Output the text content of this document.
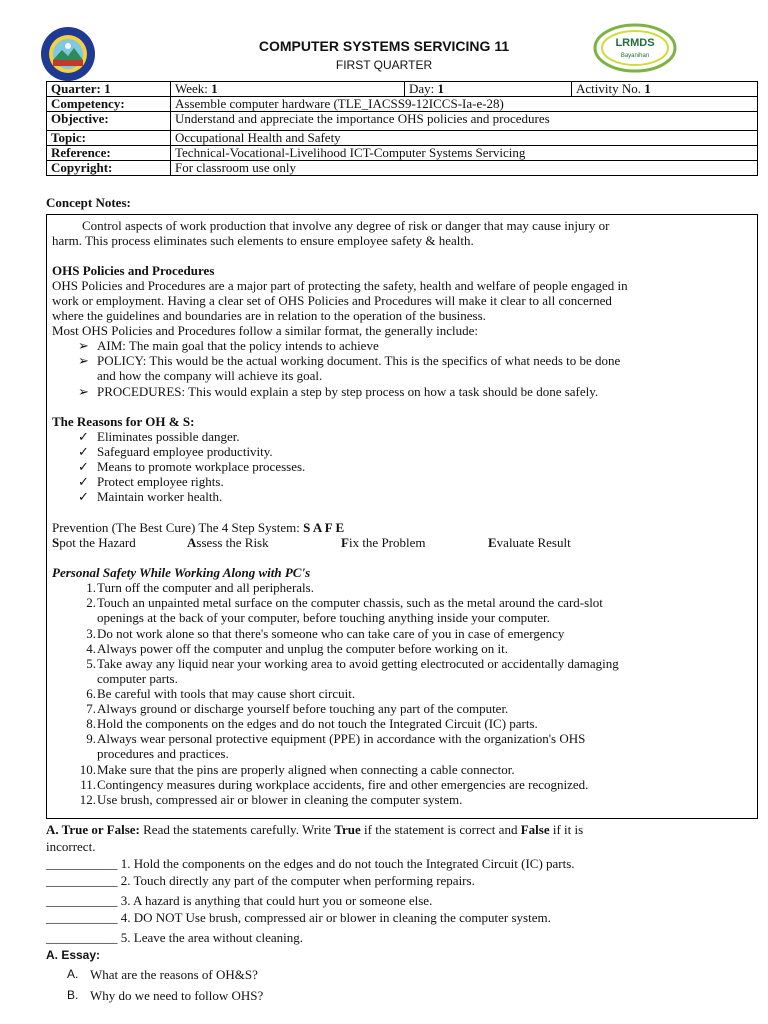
COMPUTER SYSTEMS SERVICING 11
FIRST QUARTER
LRMDS
Bayanihan
Quarter: 1	Week: 1	Day: 1	Activity No. 1
Competency:	Assemble computer hardware (TLE_IACSS9-12ICCS-Ia-e-28)		
Objective:	Understand and appreciate the importance OHS policies and procedures		
Topic:	Occupational Health and Safety		
Reference:	Technical-Vocational-Livelihood ICT-Computer Systems Servicing		
Copyright:	For classroom use only		
Concept Notes:
Control aspects of work production that involve any degree of risk or danger that may cause injury or
harm. This process eliminates such elements to ensure employee safety & health.
OHS Policies and Procedures
OHS Policies and Procedures are a major part of protecting the safety, health and welfare of people engaged in
work or employment. Having a clear set of OHS Policies and Procedures will make it clear to all concerned
where the guidelines and boundaries are in relation to the operation of the business.
Most OHS Policies and Procedures follow a similar format, the generally include:
➢ AIM: The main goal that the policy intends to achieve
➢ POLICY: This would be the actual working document. This is the specifics of what needs to be done
and how the company will achieve its goal.
➢ PROCEDURES: This would explain a step by step process on how a task should be done safely.
The Reasons for OH & S:
✓ Eliminates possible danger.
✓ Safeguard employee productivity.
✓ Means to promote workplace processes.
✓ Protect employee rights.
✓ Maintain worker health.
Prevention (The Best Cure) The 4 Step System: S A F E
Spot the Hazard	Assess the Risk	Fix the Problem	Evaluate Result
Personal Safety While Working Along with PC's
1. Turn off the computer and all peripherals.
2. Touch an unpainted metal surface on the computer chassis, such as the metal around the card-slot
openings at the back of your computer, before touching anything inside your computer.
3. Do not work alone so that there's someone who can take care of you in case of emergency
4. Always power off the computer and unplug the computer before working on it.
5. Take away any liquid near your working area to avoid getting electrocuted or accidentally damaging
computer parts.
6. Be careful with tools that may cause short circuit.
7. Always ground or discharge yourself before touching any part of the computer.
8. Hold the components on the edges and do not touch the Integrated Circuit (IC) parts.
9. Always wear personal protective equipment (PPE) in accordance with the organization's OHS
procedures and practices.
10. Make sure that the pins are properly aligned when connecting a cable connector.
11. Contingency measures during workplace accidents, fire and other emergencies are recognized.
12. Use brush, compressed air or blower in cleaning the computer system.
A. True or False: Read the statements carefully. Write True if the statement is correct and False if it is
incorrect.
___________ 1. Hold the components on the edges and do not touch the Integrated Circuit (IC) parts.
___________ 2. Touch directly any part of the computer when performing repairs.
___________ 3. A hazard is anything that could hurt you or someone else.
___________ 4. DO NOT Use brush, compressed air or blower in cleaning the computer system.
___________ 5. Leave the area without cleaning.
A. Essay:
A. What are the reasons of OH&S?
B. Why do we need to follow OHS?
